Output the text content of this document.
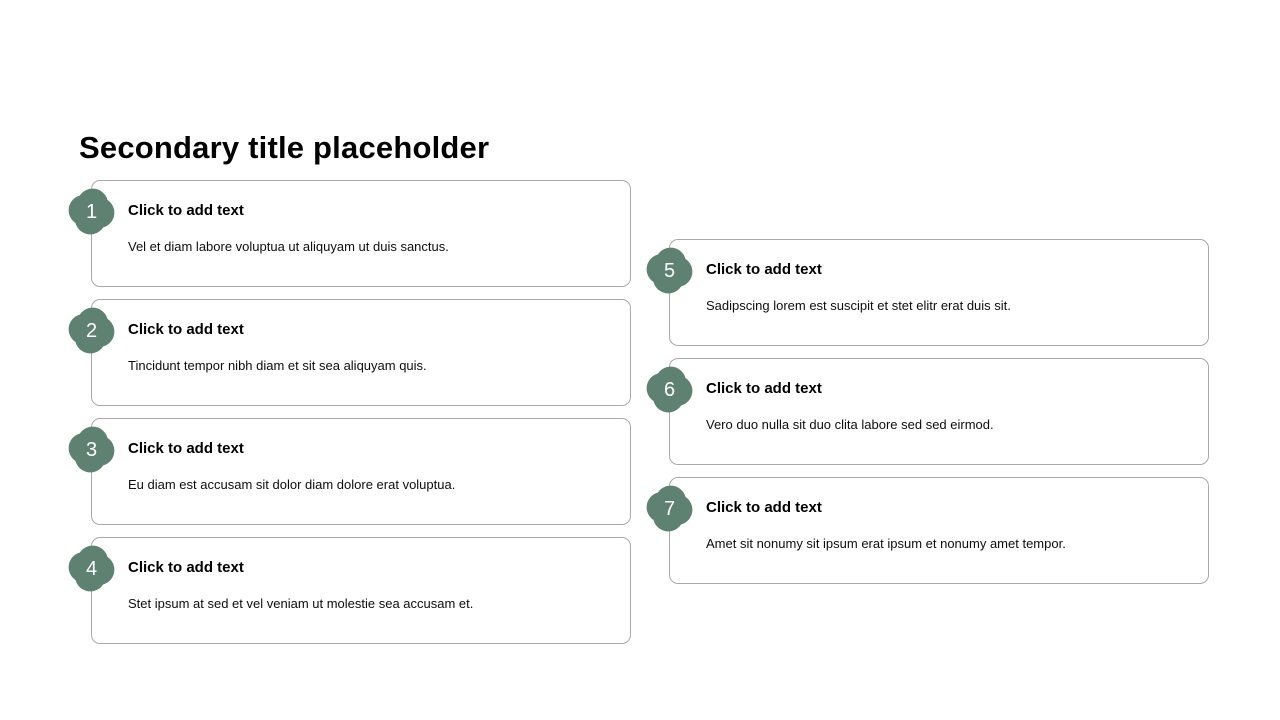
Secondary title placeholder
1 Click to add text
Vel et diam labore voluptua ut aliquyam ut duis sanctus.
2 Click to add text
Tincidunt tempor nibh diam et sit sea aliquyam quis.
3 Click to add text
Eu diam est accusam sit dolor diam dolore erat voluptua.
4 Click to add text
Stet ipsum at sed et vel veniam ut molestie sea accusam et.
5 Click to add text
Sadipscing lorem est suscipit et stet elitr erat duis sit.
6 Click to add text
Vero duo nulla sit duo clita labore sed sed eirmod.
7 Click to add text
Amet sit nonumy sit ipsum erat ipsum et nonumy amet tempor.
